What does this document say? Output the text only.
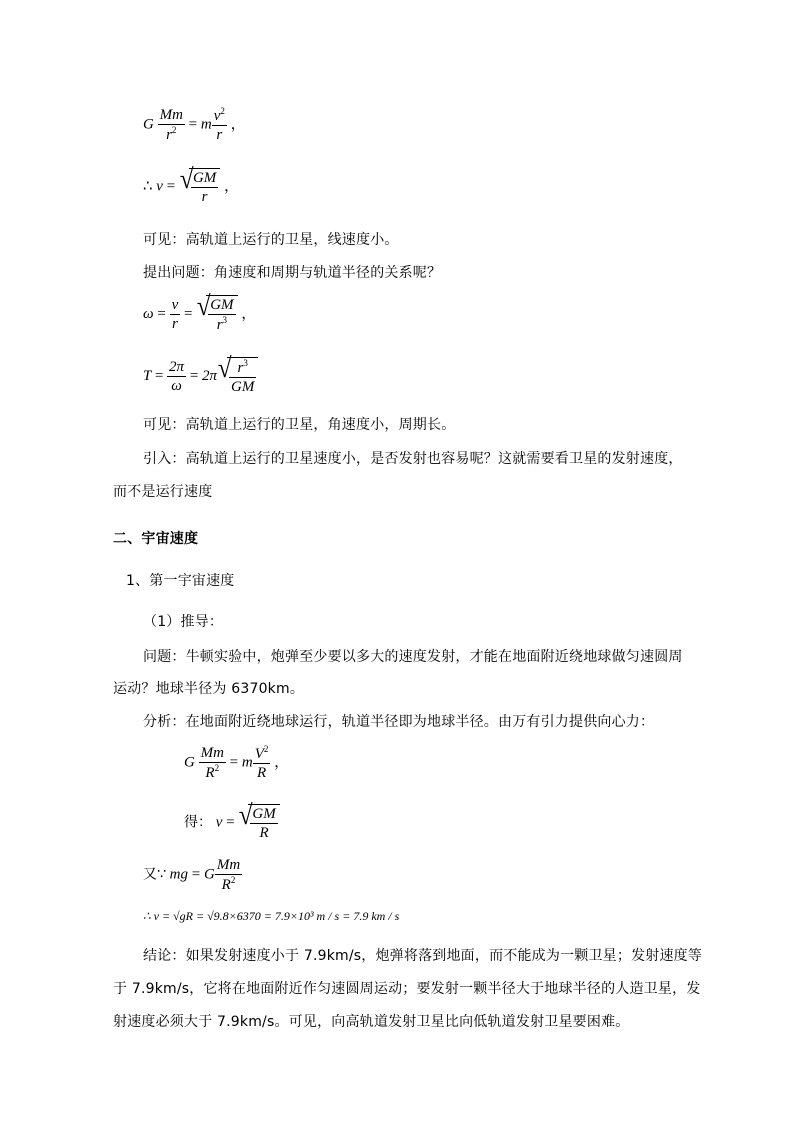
G $\frac{Mm}{r^2} = m \frac{v^2}{r}$ ，
∴ v = √
$\frac{GM}{r}$ ，
可见：高轨道上运行的卫星，线速度小。
提出问题：角速度和周期与轨道半径的关系呢？
$\omega = \frac{v}{r}$ = √
$\frac{GM}{r^3}$ ，
$T = \frac{2\pi}{\omega} = 2\pi$ √
$\frac{r^3}{GM}$
可见：高轨道上运行的卫星，角速度小，周期长。
引入：高轨道上运行的卫星速度小，是否发射也容易呢？这就需要看卫星的发射速度，
而不是运行速度
二、宇宙速度
1、第一宇宙速度
（1）推导：
问题：牛顿实验中，炮弹至少要以多大的速度发射，才能在地面附近绕地球做匀速圆周
运动？地球半径为 6370km。
分析：在地面附近绕地球运行，轨道半径即为地球半径。由万有引力提供向心力：
G $\frac{Mm}{R^2} = m \frac{V^2}{R}$ ，
得： v = √
$\frac{GM}{R}$
又∵ mg = G $\frac{Mm}{R^2}$
∴ v = √gR = √9.8×6370 = 7.9×10³ m / s = 7.9 km / s
结论：如果发射速度小于 7.9km/s，炮弹将落到地面，而不能成为一颗卫星；发射速度等
于 7.9km/s，它将在地面附近作匀速圆周运动；要发射一颗半径大于地球半径的人造卫星，发
射速度必须大于 7.9km/s。可见，向高轨道发射卫星比向低轨道发射卫星要困难。
